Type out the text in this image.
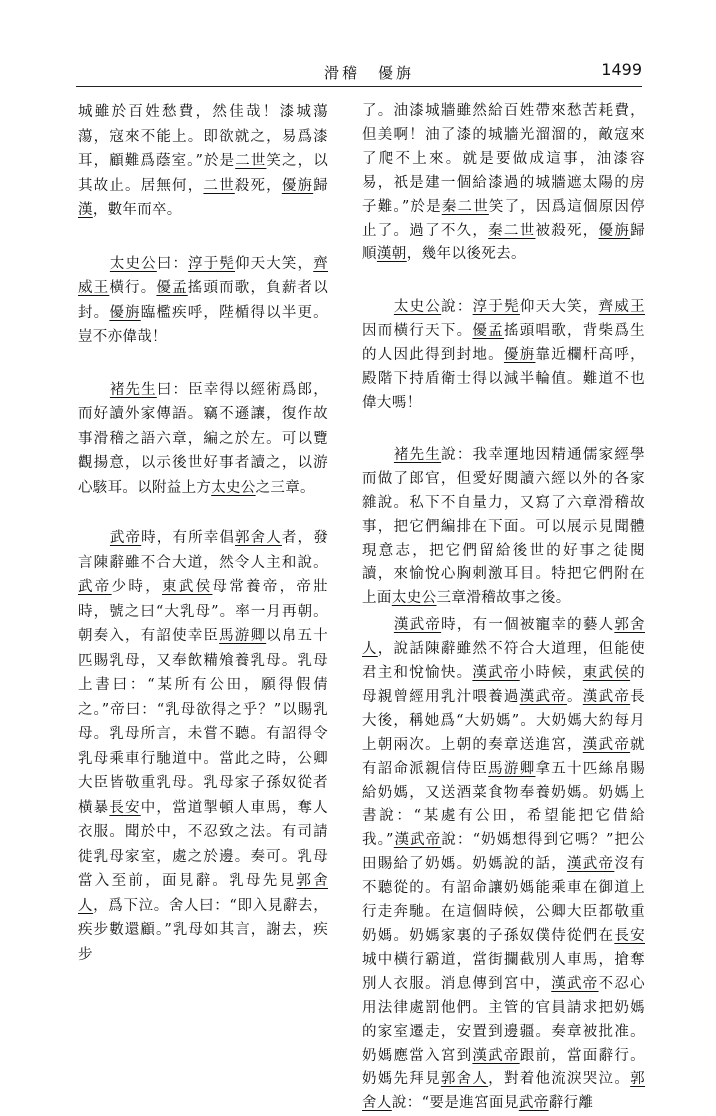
滑稽　優旃	1499

城雖於百姓愁費，然佳哉！漆城蕩蕩，寇來不能上。即欲就之，易爲漆耳，顧難爲蔭室。”於是二世笑之，以其故止。居無何，二世殺死，優旃歸漢，數年而卒。

太史公曰：淳于髡仰天大笑，齊威王橫行。優孟搖頭而歌，負薪者以封。優旃臨檻疾呼，陛楯得以半更。豈不亦偉哉！

褚先生曰：臣幸得以經術爲郎，而好讀外家傳語。竊不遜讓，復作故事滑稽之語六章，編之於左。可以覽觀揚意，以示後世好事者讀之，以游心駭耳。以附益上方太史公之三章。

武帝時，有所幸倡郭舍人者，發言陳辭雖不合大道，然令人主和說。武帝少時，東武侯母常養帝，帝壯時，號之曰“大乳母”。率一月再朝。朝奏入，有詔使幸臣馬游卿以帛五十匹賜乳母，又奉飲糒飧養乳母。乳母上書曰：“某所有公田，願得假倩之。”帝曰：“乳母欲得之乎？”以賜乳母。乳母所言，未嘗不聽。有詔得令乳母乘車行馳道中。當此之時，公卿大臣皆敬重乳母。乳母家子孫奴從者橫暴長安中，當道掣頓人車馬，奪人衣服。聞於中，不忍致之法。有司請徙乳母家室，處之於邊。奏可。乳母當入至前，面見辭。乳母先見郭舍人，爲下泣。舍人曰：“即入見辭去，疾步數還顧。”乳母如其言，謝去，疾步

了。油漆城牆雖然給百姓帶來愁苦耗費，但美啊！油了漆的城牆光溜溜的，敵寇來了爬不上來。就是要做成這事，油漆容易，祇是建一個給漆過的城牆遮太陽的房子難。”於是秦二世笑了，因爲這個原因停止了。過了不久，秦二世被殺死，優旃歸順漢朝，幾年以後死去。

太史公說：淳于髡仰天大笑，齊威王因而橫行天下。優孟搖頭唱歌，背柴爲生的人因此得到封地。優旃靠近欄杆高呼，殿階下持盾衛士得以減半輪值。難道不也偉大嗎！

褚先生說：我幸運地因精通儒家經學而做了郎官，但愛好閱讀六經以外的各家雜說。私下不自量力，又寫了六章滑稽故事，把它們編排在下面。可以展示見聞體現意志，把它們留給後世的好事之徒閱讀，來愉悅心胸刺激耳目。特把它們附在上面太史公三章滑稽故事之後。

漢武帝時，有一個被寵幸的藝人郭舍人，說話陳辭雖然不符合大道理，但能使君主和悅愉快。漢武帝小時候，東武侯的母親曾經用乳汁喂養過漢武帝。漢武帝長大後，稱她爲“大奶媽”。大奶媽大約每月上朝兩次。上朝的奏章送進宮，漢武帝就有詔命派親信侍臣馬游卿拿五十匹絲帛賜給奶媽，又送酒菜食物奉養奶媽。奶媽上書說：“某處有公田，希望能把它借給我。”漢武帝說：“奶媽想得到它嗎？”把公田賜給了奶媽。奶媽說的話，漢武帝沒有不聽從的。有詔命讓奶媽能乘車在御道上行走奔馳。在這個時候，公卿大臣都敬重奶媽。奶媽家裏的子孫奴僕侍從們在長安城中橫行霸道，當街攔截別人車馬，搶奪別人衣服。消息傳到宮中，漢武帝不忍心用法律處罰他們。主管的官員請求把奶媽的家室遷走，安置到邊疆。奏章被批准。奶媽應當入宮到漢武帝跟前，當面辭行。奶媽先拜見郭舍人，對着他流淚哭泣。郭舍人說：“要是進宮面見武帝辭行離
